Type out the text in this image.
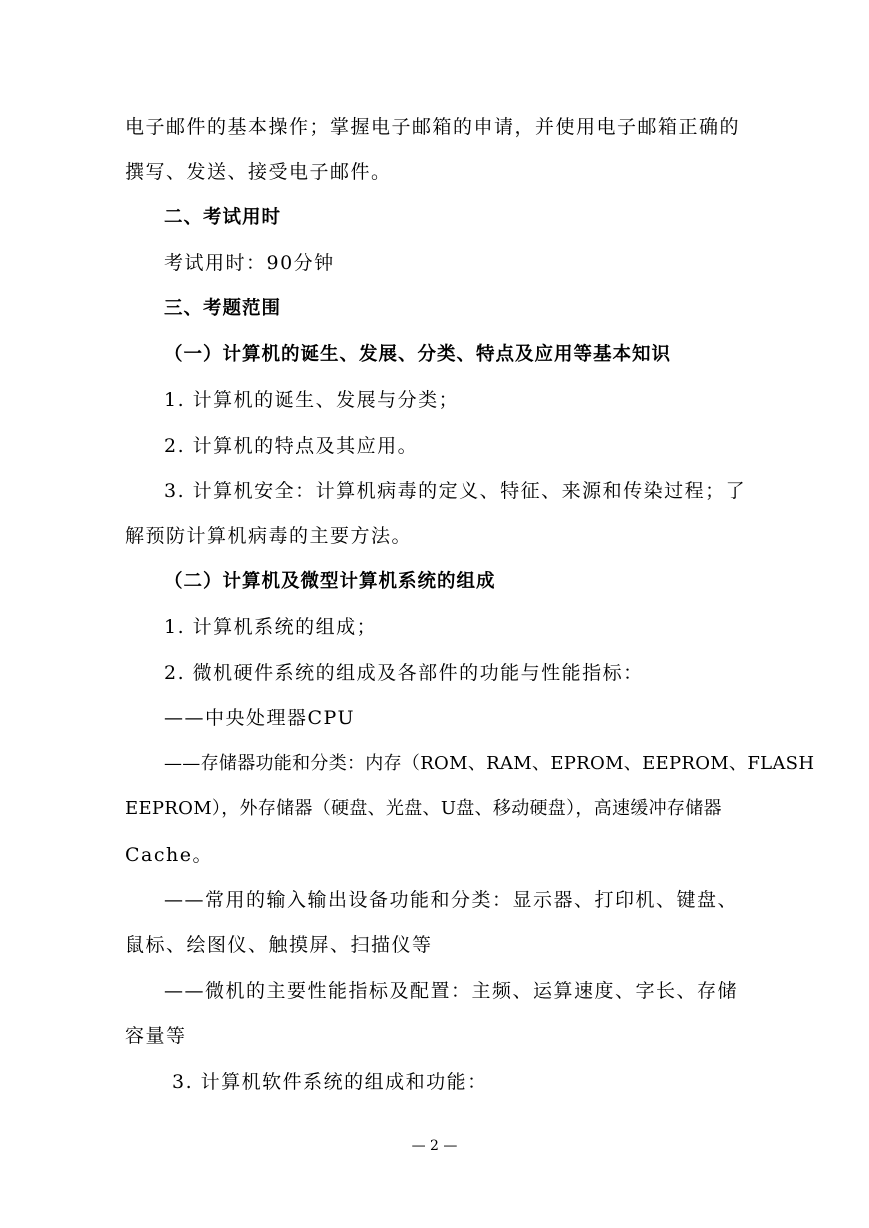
电子邮件的基本操作；掌握电子邮箱的申请，并使用电子邮箱正确的
撰写、发送、接受电子邮件。
二、考试用时
考试用时：90分钟
三、考题范围
（一）计算机的诞生、发展、分类、特点及应用等基本知识
1. 计算机的诞生、发展与分类；
2. 计算机的特点及其应用。
3. 计算机安全：计算机病毒的定义、特征、来源和传染过程；了
解预防计算机病毒的主要方法。
（二）计算机及微型计算机系统的组成
1. 计算机系统的组成；
2. 微机硬件系统的组成及各部件的功能与性能指标：
——中央处理器CPU
——存储器功能和分类：内存（ROM、RAM、EPROM、EEPROM、FLASH
EEPROM），外存储器（硬盘、光盘、U盘、移动硬盘），高速缓冲存储器
Cache。
——常用的输入输出设备功能和分类：显示器、打印机、键盘、
鼠标、绘图仪、触摸屏、扫描仪等
——微机的主要性能指标及配置：主频、运算速度、字长、存储
容量等
3. 计算机软件系统的组成和功能：
— 2 —
